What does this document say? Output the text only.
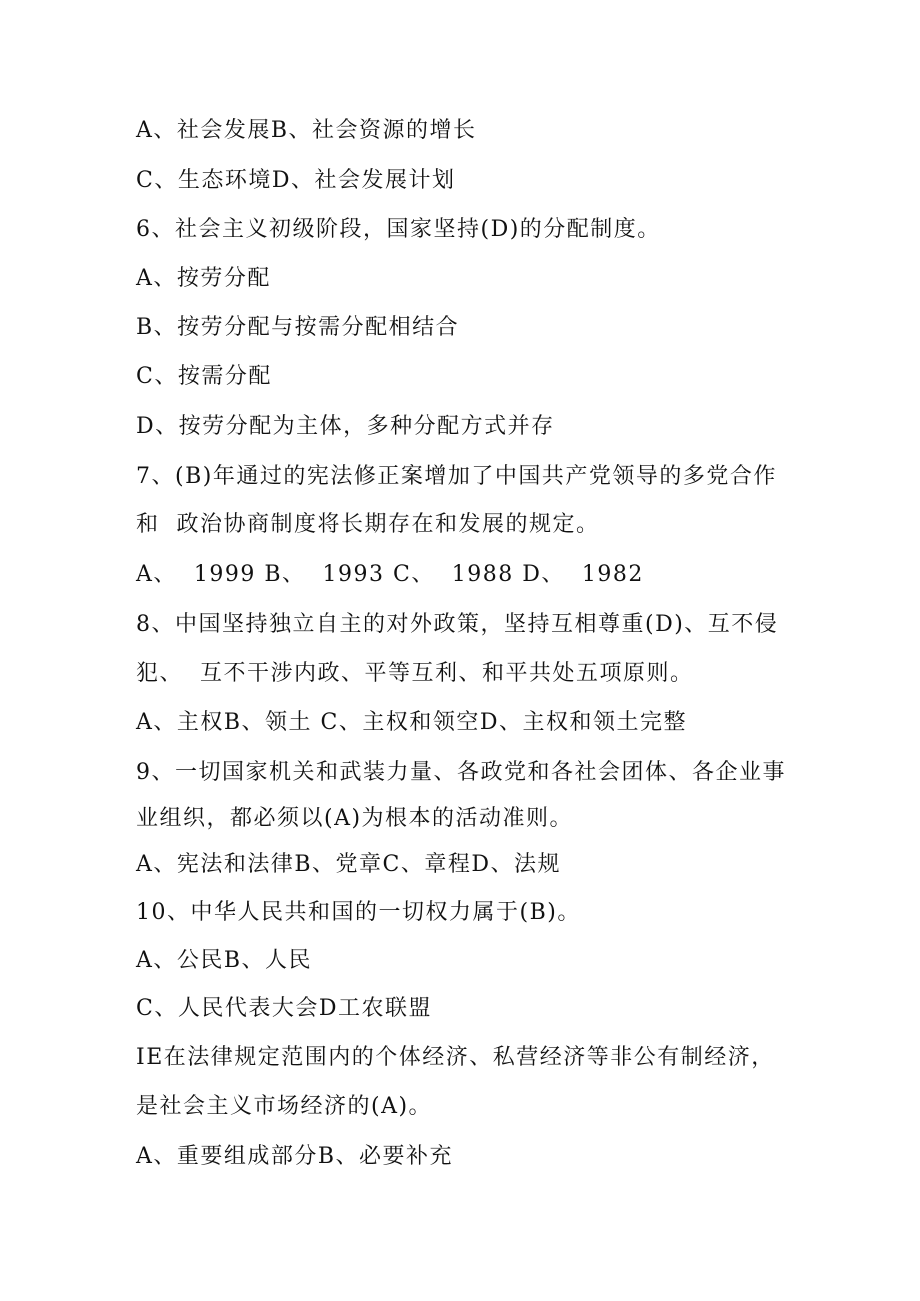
A、社会发展B、社会资源的增长
C、生态环境D、社会发展计划
6、社会主义初级阶段，国家坚持(D)的分配制度。
A、按劳分配
B、按劳分配与按需分配相结合
C、按需分配
D、按劳分配为主体，多种分配方式并存
7、(B)年通过的宪法修正案增加了中国共产党领导的多党合作
和  政治协商制度将长期存在和发展的规定。
A、  1999 B、  1993 C、  1988 D、  1982
8、中国坚持独立自主的对外政策，坚持互相尊重(D)、互不侵
犯、  互不干涉内政、平等互利、和平共处五项原则。
A、主权B、领土 C、主权和领空D、主权和领土完整
9、一切国家机关和武装力量、各政党和各社会团体、各企业事
业组织，都必须以(A)为根本的活动准则。
A、宪法和法律B、党章C、章程D、法规
10、中华人民共和国的一切权力属于(B)。
A、公民B、人民
C、人民代表大会D工农联盟
IE在法律规定范围内的个体经济、私营经济等非公有制经济，
是社会主义市场经济的(A)。
A、重要组成部分B、必要补充
